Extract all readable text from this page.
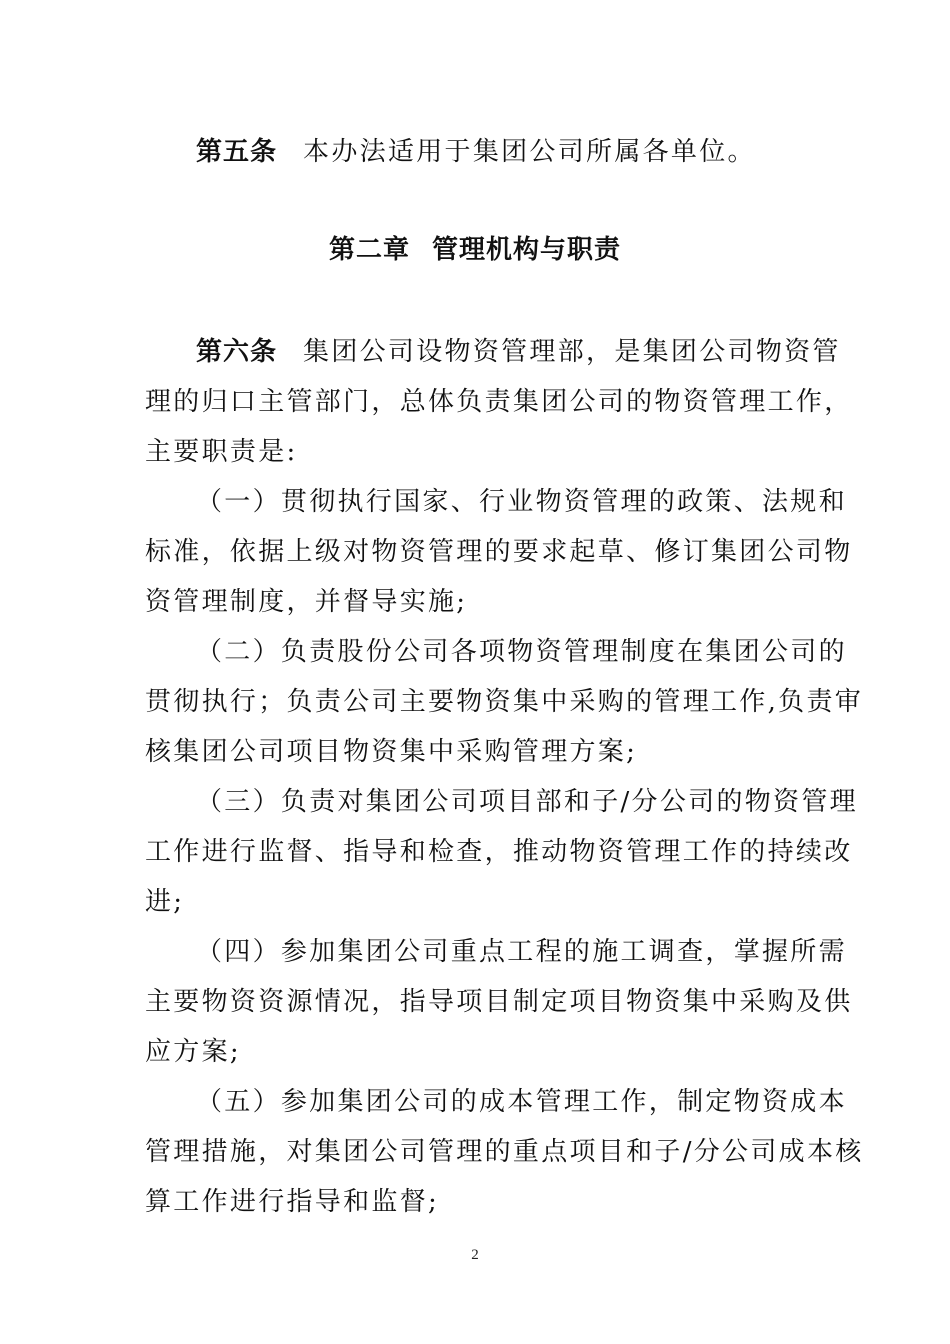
第五条 本办法适用于集团公司所属各单位。
第二章 管理机构与职责
第六条 集团公司设物资管理部，是集团公司物资管
理的归口主管部门，总体负责集团公司的物资管理工作，
主要职责是:
（一）贯彻执行国家、行业物资管理的政策、法规和
标准，依据上级对物资管理的要求起草、修订集团公司物
资管理制度，并督导实施;
（二）负责股份公司各项物资管理制度在集团公司的
贯彻执行；负责公司主要物资集中采购的管理工作,负责审
核集团公司项目物资集中采购管理方案;
（三）负责对集团公司项目部和子/分公司的物资管理
工作进行监督、指导和检查，推动物资管理工作的持续改
进;
（四）参加集团公司重点工程的施工调查，掌握所需
主要物资资源情况，指导项目制定项目物资集中采购及供
应方案;
（五）参加集团公司的成本管理工作，制定物资成本
管理措施，对集团公司管理的重点项目和子/分公司成本核
算工作进行指导和监督;
2
